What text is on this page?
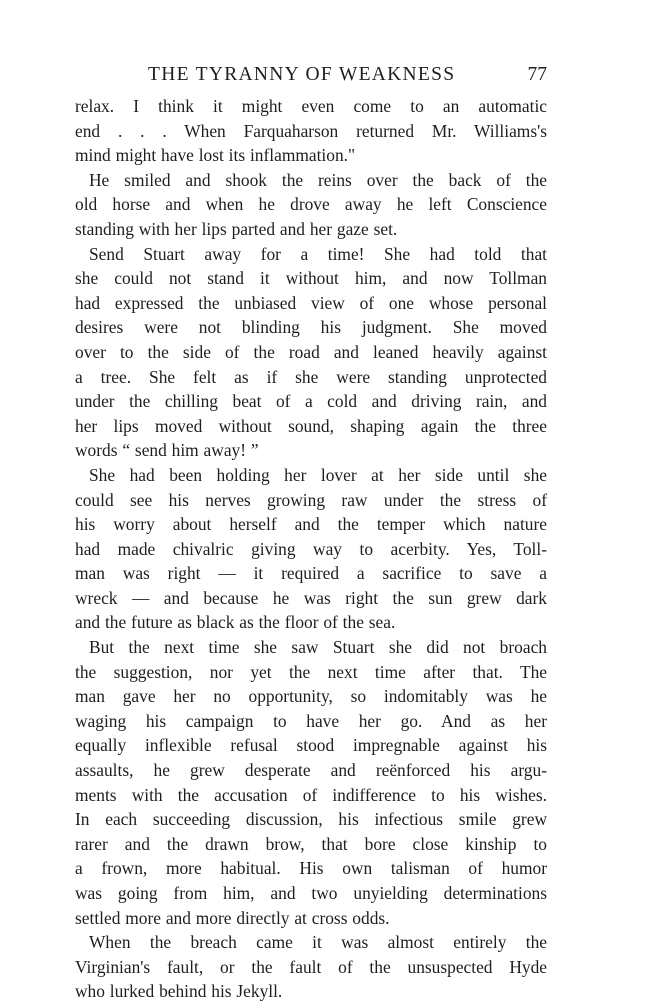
THE TYRANNY OF WEAKNESS	77
relax. I think it might even come to an automatic
end . . . When Farquaharson returned Mr. Williams's
mind might have lost its inflammation."
He smiled and shook the reins over the back of the
old horse and when he drove away he left Conscience
standing with her lips parted and her gaze set.
Send Stuart away for a time! She had told that
she could not stand it without him, and now Tollman
had expressed the unbiased view of one whose personal
desires were not blinding his judgment. She moved
over to the side of the road and leaned heavily against
a tree. She felt as if she were standing unprotected
under the chilling beat of a cold and driving rain, and
her lips moved without sound, shaping again the three
words “ send him away! ”
She had been holding her lover at her side until she
could see his nerves growing raw under the stress of
his worry about herself and the temper which nature
had made chivalric giving way to acerbity. Yes, Toll-
man was right — it required a sacrifice to save a
wreck — and because he was right the sun grew dark
and the future as black as the floor of the sea.
But the next time she saw Stuart she did not broach
the suggestion, nor yet the next time after that. The
man gave her no opportunity, so indomitably was he
waging his campaign to have her go. And as her
equally inflexible refusal stood impregnable against his
assaults, he grew desperate and reënforced his argu-
ments with the accusation of indifference to his wishes.
In each succeeding discussion, his infectious smile grew
rarer and the drawn brow, that bore close kinship to
a frown, more habitual. His own talisman of humor
was going from him, and two unyielding determinations
settled more and more directly at cross odds.
When the breach came it was almost entirely the
Virginian's fault, or the fault of the unsuspected Hyde
who lurked behind his Jekyll.
